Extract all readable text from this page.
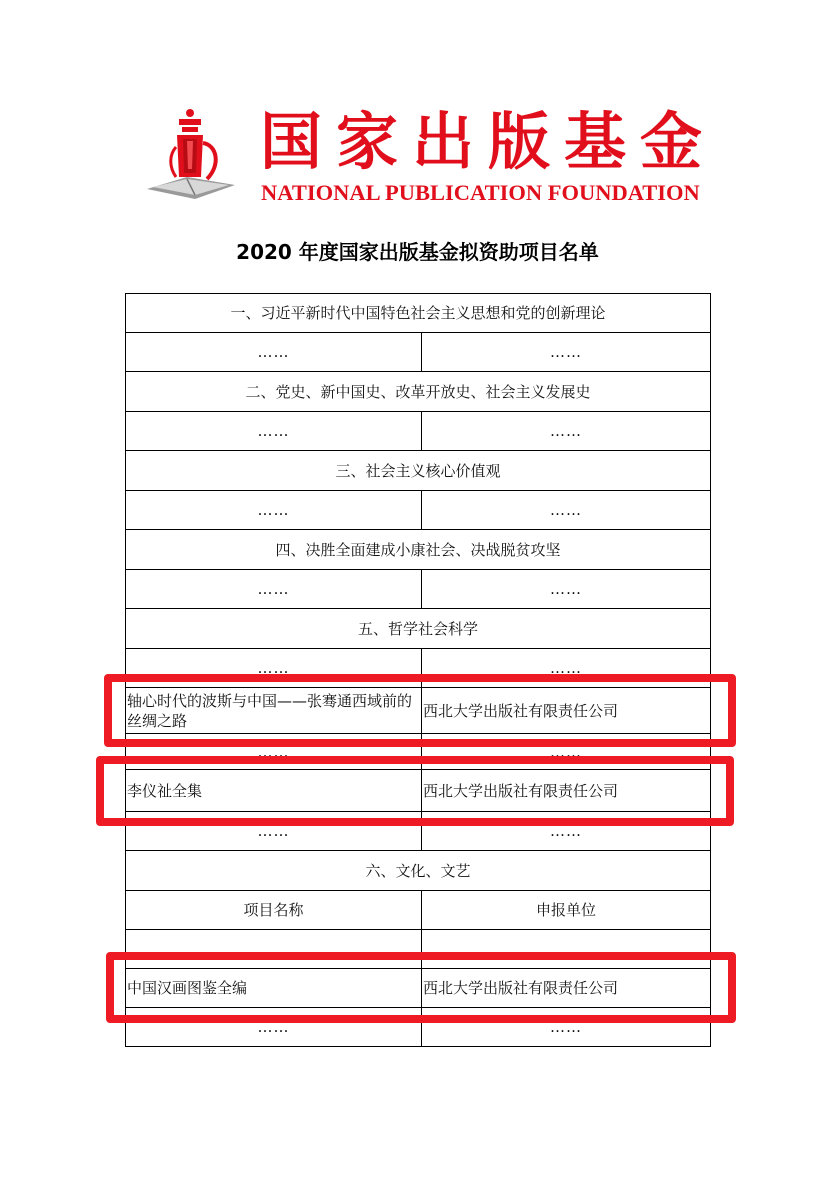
国家出版基金
NATIONAL PUBLICATION FOUNDATION
2020 年度国家出版基金拟资助项目名单
一、习近平新时代中国特色社会主义思想和党的创新理论	
……	……
二、党史、新中国史、改革开放史、社会主义发展史	
……	……
三、社会主义核心价值观	
……	……
四、决胜全面建成小康社会、决战脱贫攻坚	
……	……
五、哲学社会科学	
……	……
轴心时代的波斯与中国——张骞通西域前的丝绸之路	西北大学出版社有限责任公司
……	……
李仪祉全集	西北大学出版社有限责任公司
……	……
六、文化、文艺	
项目名称	申报单位
……	……
中国汉画图鉴全编	西北大学出版社有限责任公司
……	……
